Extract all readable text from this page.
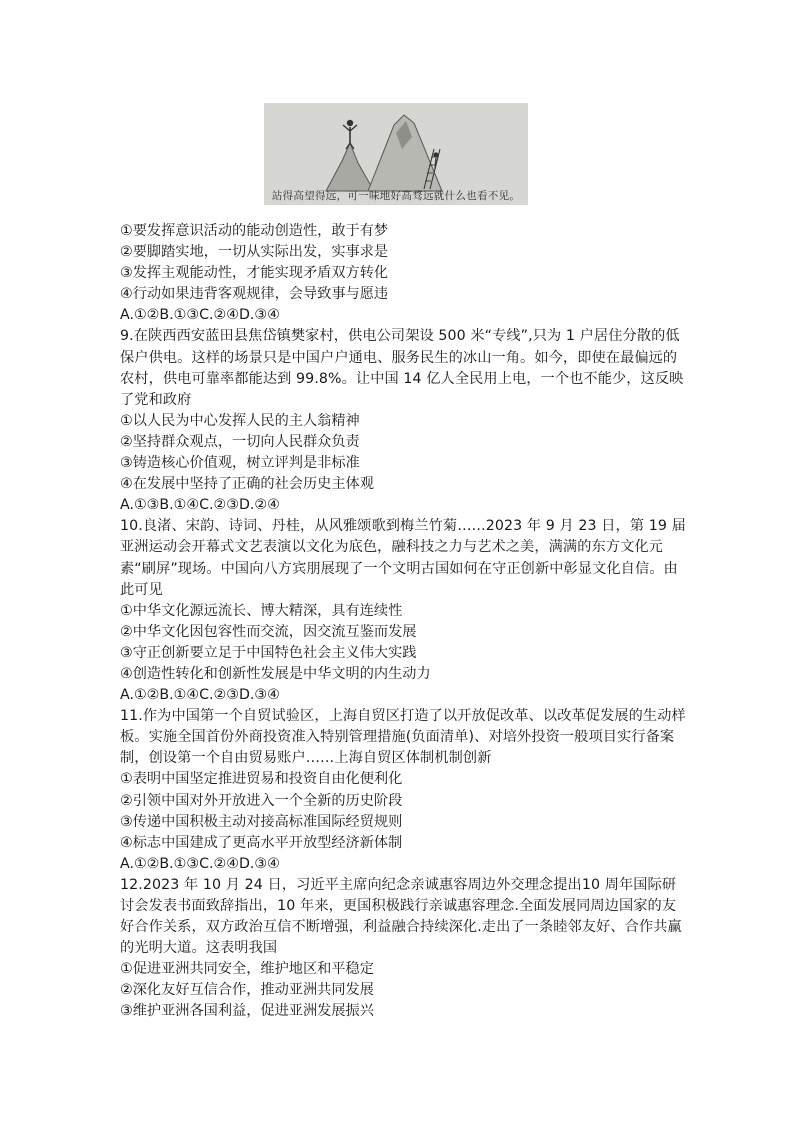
站得高望得远，可一味地好高骛远就什么也看不见。
①要发挥意识活动的能动创造性，敢于有梦
②要脚踏实地，一切从实际出发，实事求是
③发挥主观能动性，才能实现矛盾双方转化
④行动如果违背客观规律，会导致事与愿违
A.①②B.①③C.②④D.③④
9.在陕西西安蓝田县焦岱镇樊家村，供电公司架设 500 米“专线”,只为 1 户居住分散的低保户供电。这样的场景只是中国户户通电、服务民生的冰山一角。如今，即使在最偏远的农村，供电可靠率都能达到 99.8%。让中国 14 亿人全民用上电，一个也不能少，这反映了党和政府
①以人民为中心发挥人民的主人翁精神
②坚持群众观点，一切向人民群众负责
③铸造核心价值观，树立评判是非标准
④在发展中坚持了正确的社会历史主体观
A.①③B.①④C.②③D.②④
10.良渚、宋韵、诗词、丹桂，从风雅颂歌到梅兰竹菊……2023 年 9 月 23 日，第 19 届亚洲运动会开幕式文艺表演以文化为底色，融科技之力与艺术之美，满满的东方文化元素“刷屏”现场。中国向八方宾朋展现了一个文明古国如何在守正创新中彰显文化自信。由此可见
①中华文化源远流长、博大精深，具有连续性
②中华文化因包容性而交流，因交流互鉴而发展
③守正创新要立足于中国特色社会主义伟大实践
④创造性转化和创新性发展是中华文明的内生动力
A.①②B.①④C.②③D.③④
11.作为中国第一个自贸试验区，上海自贸区打造了以开放促改革、以改革促发展的生动样板。实施全国首份外商投资准入特别管理措施(负面清单)、对培外投资一般项目实行备案制，创设第一个自由贸易账户……上海自贸区体制机制创新
①表明中国坚定推进贸易和投资自由化便利化
②引领中国对外开放进入一个全新的历史阶段
③传递中国积极主动对接高标准国际经贸规则
④标志中国建成了更高水平开放型经济新体制
A.①②B.①③C.②④D.③④
12.2023 年 10 月 24 日，习近平主席向纪念亲诚惠容周边外交理念提出10 周年国际研讨会发表书面致辞指出，10 年来，更国积极践行亲诚惠容理念.全面发展同周边国家的友好合作关系，双方政治互信不断增强，利益融合持续深化.走出了一条睦邻友好、合作共赢的光明大道。这表明我国
①促进亚洲共同安全，维护地区和平稳定
②深化友好互信合作，推动亚洲共同发展
③维护亚洲各国利益，促进亚洲发展振兴
